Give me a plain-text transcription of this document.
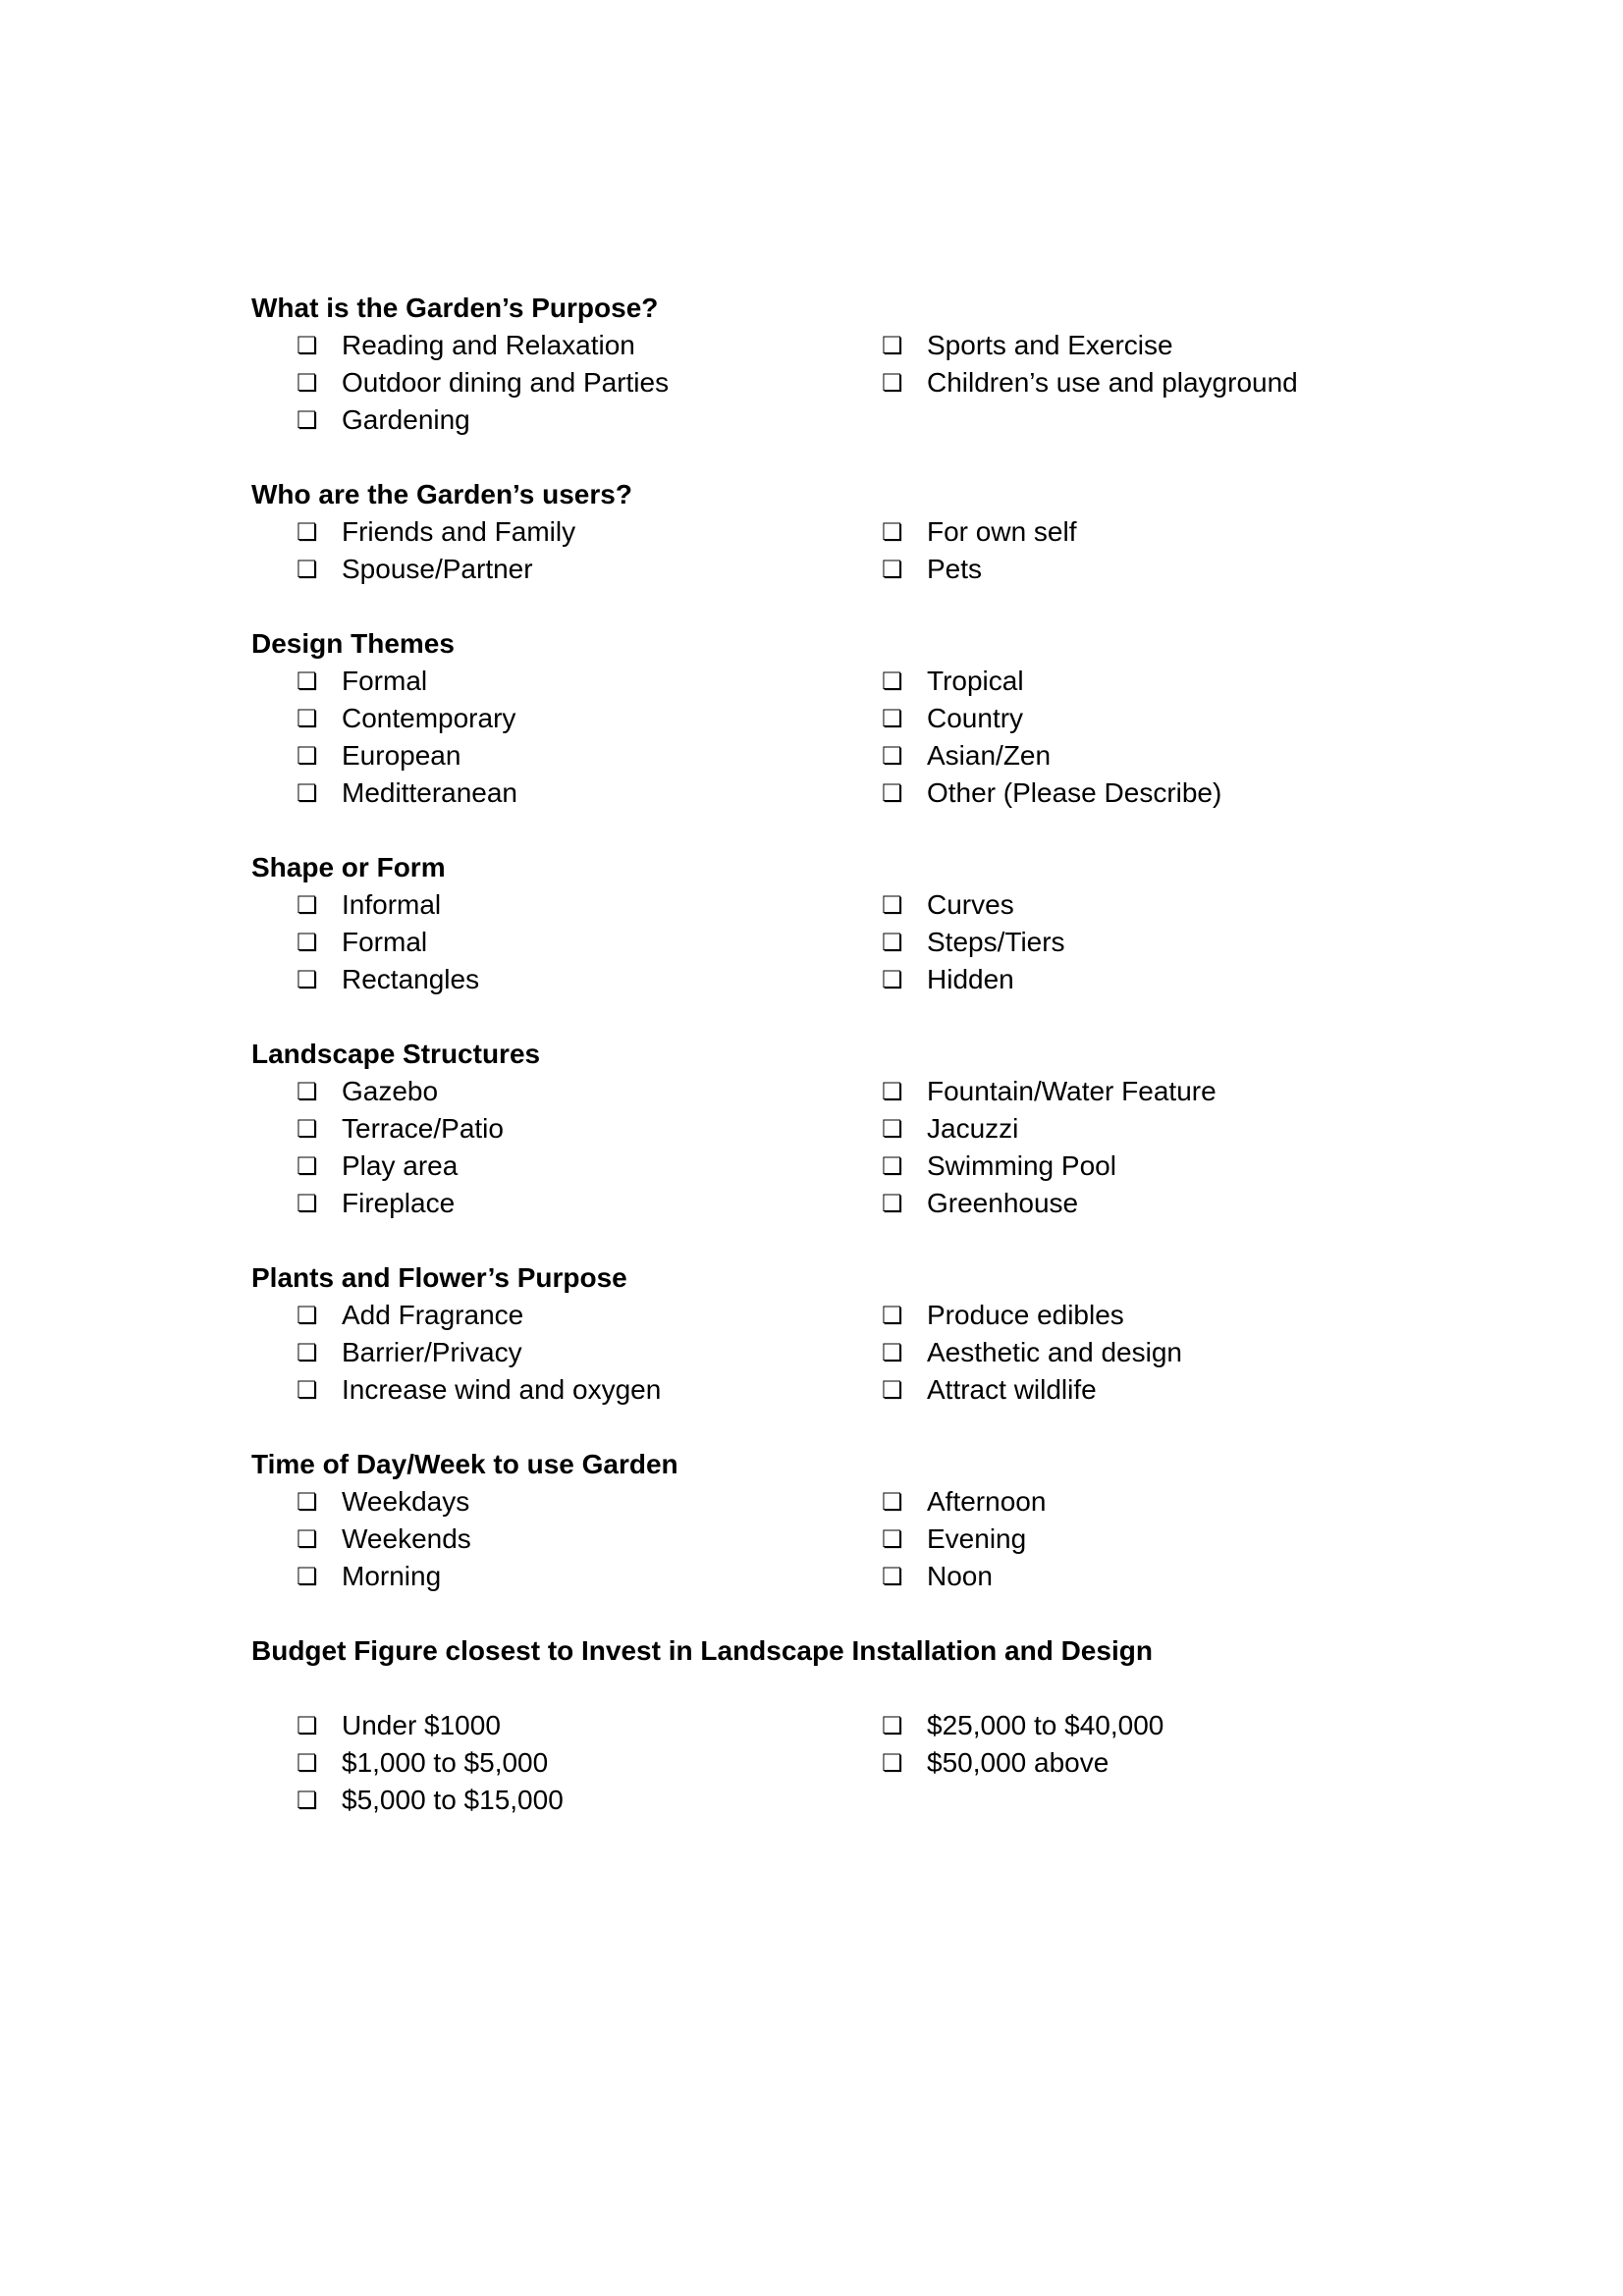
What is the Garden’s Purpose?
❏ Reading and Relaxation
❏ Outdoor dining and Parties
❏ Gardening
❏ Sports and Exercise
❏ Children’s use and playground
Who are the Garden’s users?
❏ Friends and Family
❏ Spouse/Partner
❏ For own self
❏ Pets
Design Themes
❏ Formal
❏ Contemporary
❏ European
❏ Meditteranean
❏ Tropical
❏ Country
❏ Asian/Zen
❏ Other (Please Describe)
Shape or Form
❏ Informal
❏ Formal
❏ Rectangles
❏ Curves
❏ Steps/Tiers
❏ Hidden
Landscape Structures
❏ Gazebo
❏ Terrace/Patio
❏ Play area
❏ Fireplace
❏ Fountain/Water Feature
❏ Jacuzzi
❏ Swimming Pool
❏ Greenhouse
Plants and Flower’s Purpose
❏ Add Fragrance
❏ Barrier/Privacy
❏ Increase wind and oxygen
❏ Produce edibles
❏ Aesthetic and design
❏ Attract wildlife
Time of Day/Week to use Garden
❏ Weekdays
❏ Weekends
❏ Morning
❏ Afternoon
❏ Evening
❏ Noon
Budget Figure closest to Invest in Landscape Installation and Design
❏ Under $1000
❏ $1,000 to $5,000
❏ $5,000 to $15,000
❏ $25,000 to $40,000
❏ $50,000 above
